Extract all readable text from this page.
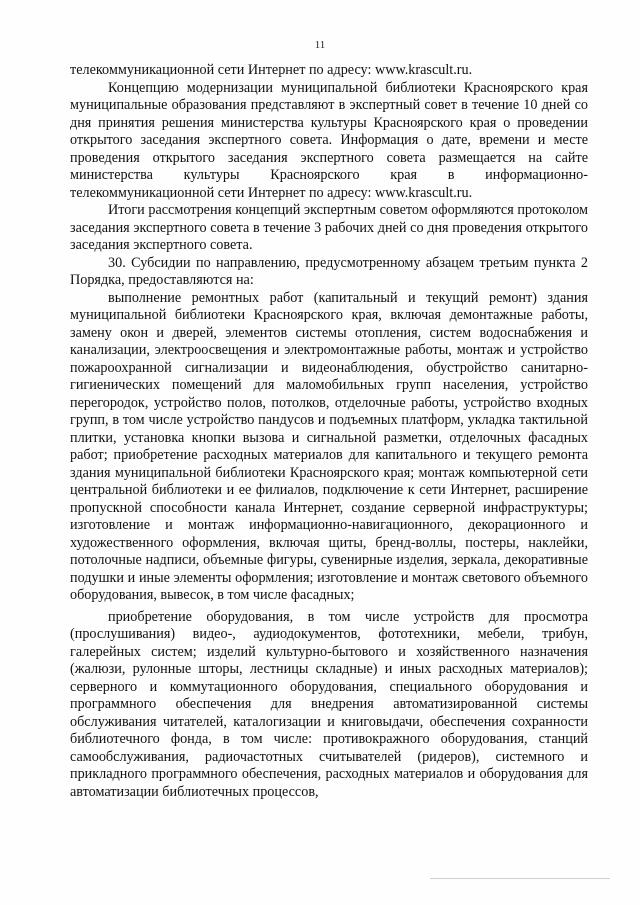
11

телекоммуникационной сети Интернет по адресу: www.krascult.ru.

Концепцию модернизации муниципальной библиотеки Красноярского края муниципальные образования представляют в экспертный совет в течение 10 дней со дня принятия решения министерства культуры Красноярского края о проведении открытого заседания экспертного совета. Информация о дате, времени и месте проведения открытого заседания экспертного совета размещается на сайте министерства культуры Красноярского края в информационно-телекоммуникационной сети Интернет по адресу: www.krascult.ru.

Итоги рассмотрения концепций экспертным советом оформляются протоколом заседания экспертного совета в течение 3 рабочих дней со дня проведения открытого заседания экспертного совета.

30. Субсидии по направлению, предусмотренному абзацем третьим пункта 2 Порядка, предоставляются на:

выполнение ремонтных работ (капитальный и текущий ремонт) здания муниципальной библиотеки Красноярского края, включая демонтажные работы, замену окон и дверей, элементов системы отопления, систем водоснабжения и канализации, электроосвещения и электромонтажные работы, монтаж и устройство пожароохранной сигнализации и видеонаблюдения, обустройство санитарно-гигиенических помещений для маломобильных групп населения, устройство перегородок, устройство полов, потолков, отделочные работы, устройство входных групп, в том числе устройство пандусов и подъемных платформ, укладка тактильной плитки, установка кнопки вызова и сигнальной разметки, отделочных фасадных работ; приобретение расходных материалов для капитального и текущего ремонта здания муниципальной библиотеки Красноярского края; монтаж компьютерной сети центральной библиотеки и ее филиалов, подключение к сети Интернет, расширение пропускной способности канала Интернет, создание серверной инфраструктуры; изготовление и монтаж информационно-навигационного, декорационного и художественного оформления, включая щиты, бренд-воллы, постеры, наклейки, потолочные надписи, объемные фигуры, сувенирные изделия, зеркала, декоративные подушки и иные элементы оформления; изготовление и монтаж светового объемного оборудования, вывесок, в том числе фасадных;

приобретение оборудования, в том числе устройств для просмотра (прослушивания) видео-, аудиодокументов, фототехники, мебели, трибун, галерейных систем; изделий культурно-бытового и хозяйственного назначения (жалюзи, рулонные шторы, лестницы складные) и иных расходных материалов); серверного и коммутационного оборудования, специального оборудования и программного обеспечения для внедрения автоматизированной системы обслуживания читателей, каталогизации и книговыдачи, обеспечения сохранности библиотечного фонда, в том числе: противокражного оборудования, станций самообслуживания, радиочастотных считывателей (ридеров), системного и прикладного программного обеспечения, расходных материалов и оборудования для автоматизации библиотечных процессов,
